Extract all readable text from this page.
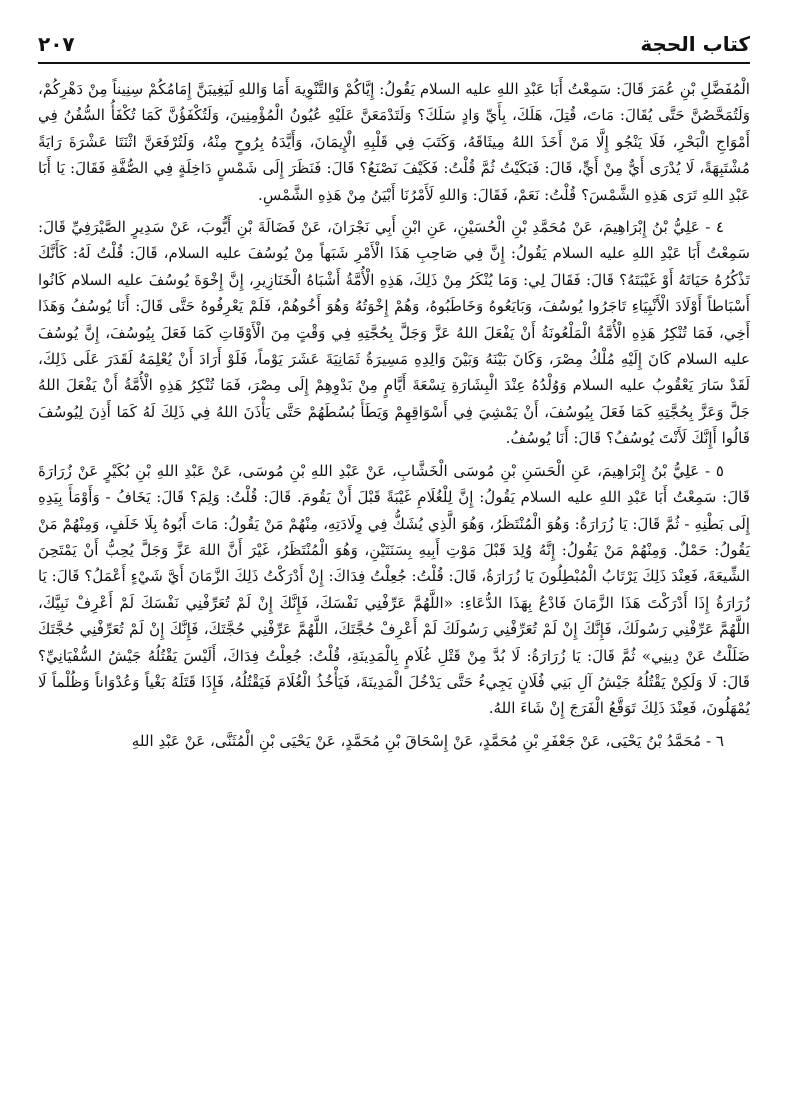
كتاب الحجة
٢٠٧

الْمُفَضَّلِ بْنِ عُمَرَ قَالَ: سَمِعْتُ أَبَا عَبْدِ اللهِ عليه السلام يَقُولُ: إِيَّاكُمْ وَالتَّنْوِيهَ أَمَا وَاللهِ لَيَغِيبَنَّ إِمَامُكُمْ سِنِيناً مِنْ دَهْرِكُمْ، وَلَتُمَحَّصُنَّ حَتَّى يُقَالَ: مَاتَ، قُتِلَ، هَلَكَ، بِأَيِّ وَادٍ سَلَكَ؟ وَلَتَدْمَعَنَّ عَلَيْهِ عُيُونُ الْمُؤْمِنِينَ، وَلَتُكْفَؤُنَّ كَمَا تُكْفَأُ السُّفُنُ فِي أَمْوَاجِ الْبَحْرِ، فَلَا يَنْجُو إِلَّا مَنْ أَخَذَ اللهُ مِيثَاقَهُ، وَكَتَبَ فِي قَلْبِهِ الْإِيمَانَ، وَأَيَّدَهُ بِرُوحٍ مِنْهُ، وَلَتُرْفَعَنَّ اثْنَتَا عَشْرَةَ رَايَةً مُشْتَبِهَةً، لَا يُدْرَى أَيٌّ مِنْ أَيٍّ، قَالَ: فَبَكَيْتُ ثُمَّ قُلْتُ: فَكَيْفَ نَصْنَعُ؟ قَالَ: فَنَظَرَ إِلَى شَمْسٍ دَاخِلَةٍ فِي الصُّفَّةِ فَقَالَ: يَا أَبَا عَبْدِ اللهِ تَرَى هَذِهِ الشَّمْسَ؟ قُلْتُ: نَعَمْ، فَقَالَ: وَاللهِ لَأَمْرُنَا أَبْيَنُ مِنْ هَذِهِ الشَّمْسِ.

٤ - عَلِيُّ بْنُ إِبْرَاهِيمَ، عَنْ مُحَمَّدِ بْنِ الْحُسَيْنِ، عَنِ ابْنِ أَبِي نَجْرَانَ، عَنْ فَضَالَةَ بْنِ أَيُّوبَ، عَنْ سَدِيرٍ الصَّيْرَفِيِّ قَالَ: سَمِعْتُ أَبَا عَبْدِ اللهِ عليه السلام يَقُولُ: إِنَّ فِي صَاحِبِ هَذَا الْأَمْرِ شَبَهاً مِنْ يُوسُفَ عليه السلام، قَالَ: قُلْتُ لَهُ: كَأَنَّكَ تَذْكُرُهُ حَيَاتَهُ أَوْ غَيْبَتَهُ؟ قَالَ: فَقَالَ لِي: وَمَا يُنْكَرُ مِنْ ذَلِكَ، هَذِهِ الْأُمَّةُ أَشْبَاهُ الْخَنَازِيرِ، إِنَّ إِخْوَةَ يُوسُفَ عليه السلام كَانُوا أَسْبَاطاً أَوْلَادَ الْأَنْبِيَاءِ تَاجَرُوا يُوسُفَ، وَبَايَعُوهُ وَخَاطَبُوهُ، وَهُمْ إِخْوَتُهُ وَهُوَ أَخُوهُمْ، فَلَمْ يَعْرِفُوهُ حَتَّى قَالَ: أَنَا يُوسُفُ وَهَذَا أَخِي، فَمَا تُنْكِرُ هَذِهِ الْأُمَّةُ الْمَلْعُونَةُ أَنْ يَفْعَلَ اللهُ عَزَّ وَجَلَّ بِحُجَّتِهِ فِي وَقْتٍ مِنَ الْأَوْقَاتِ كَمَا فَعَلَ بِيُوسُفَ، إِنَّ يُوسُفَ عليه السلام كَانَ إِلَيْهِ مُلْكُ مِصْرَ، وَكَانَ بَيْنَهُ وَبَيْنَ وَالِدِهِ مَسِيرَةُ ثَمَانِيَةَ عَشَرَ يَوْماً، فَلَوْ أَرَادَ أَنْ يُعْلِمَهُ لَقَدَرَ عَلَى ذَلِكَ، لَقَدْ سَارَ يَعْقُوبُ عليه السلام وَوُلْدُهُ عِنْدَ الْبِشَارَةِ تِسْعَةَ أَيَّامٍ مِنْ بَدْوِهِمْ إِلَى مِصْرَ، فَمَا تُنْكِرُ هَذِهِ الْأُمَّةُ أَنْ يَفْعَلَ اللهُ جَلَّ وَعَزَّ بِحُجَّتِهِ كَمَا فَعَلَ بِيُوسُفَ، أَنْ يَمْشِيَ فِي أَسْوَاقِهِمْ وَيَطَأَ بُسُطَهُمْ حَتَّى يَأْذَنَ اللهُ فِي ذَلِكَ لَهُ كَمَا أَذِنَ لِيُوسُفَ قَالُوا أَإِنَّكَ لَأَنْتَ يُوسُفُ؟ قَالَ: أَنَا يُوسُفُ.

٥ - عَلِيُّ بْنُ إِبْرَاهِيمَ، عَنِ الْحَسَنِ بْنِ مُوسَى الْخَشَّابِ، عَنْ عَبْدِ اللهِ بْنِ مُوسَى، عَنْ عَبْدِ اللهِ بْنِ بُكَيْرٍ عَنْ زُرَارَةَ قَالَ: سَمِعْتُ أَبَا عَبْدِ اللهِ عليه السلام يَقُولُ: إِنَّ لِلْغُلَامِ غَيْبَةً قَبْلَ أَنْ يَقُومَ. قَالَ: قُلْتُ: وَلِمَ؟ قَالَ: يَخَافُ - وَأَوْمَأَ بِيَدِهِ إِلَى بَطْنِهِ - ثُمَّ قَالَ: يَا زُرَارَةُ: وَهُوَ الْمُنْتَظَرُ، وَهُوَ الَّذِي يُشَكُّ فِي وِلَادَتِهِ، مِنْهُمْ مَنْ يَقُولُ: مَاتَ أَبُوهُ بِلَا خَلَفٍ، وَمِنْهُمْ مَنْ يَقُولُ: حَمْلٌ. وَمِنْهُمْ مَنْ يَقُولُ: إِنَّهُ وُلِدَ قَبْلَ مَوْتِ أَبِيهِ بِسَنَتَيْنِ، وَهُوَ الْمُنْتَظَرُ، غَيْرَ أَنَّ اللهَ عَزَّ وَجَلَّ يُحِبُّ أَنْ يَمْتَحِنَ الشِّيعَةَ، فَعِنْدَ ذَلِكَ يَرْتَابُ الْمُبْطِلُونَ يَا زُرَارَةُ، قَالَ: قُلْتُ: جُعِلْتُ فِدَاكَ: إِنْ أَدْرَكْتُ ذَلِكَ الزَّمَانَ أَيَّ شَيْءٍ أَعْمَلُ؟ قَالَ: يَا زُرَارَةُ إِذَا أَدْرَكْتَ هَذَا الزَّمَانَ فَادْعُ بِهَذَا الدُّعَاءِ: «اللَّهُمَّ عَرِّفْنِي نَفْسَكَ، فَإِنَّكَ إِنْ لَمْ تُعَرِّفْنِي نَفْسَكَ لَمْ أَعْرِفْ نَبِيَّكَ، اللَّهُمَّ عَرِّفْنِي رَسُولَكَ، فَإِنَّكَ إِنْ لَمْ تُعَرِّفْنِي رَسُولَكَ لَمْ أَعْرِفْ حُجَّتَكَ، اللَّهُمَّ عَرِّفْنِي حُجَّتَكَ، فَإِنَّكَ إِنْ لَمْ تُعَرِّفْنِي حُجَّتَكَ ضَلَلْتُ عَنْ دِينِي» ثُمَّ قَالَ: يَا زُرَارَةُ: لَا بُدَّ مِنْ قَتْلِ غُلَامٍ بِالْمَدِينَةِ، قُلْتُ: جُعِلْتُ فِدَاكَ، أَلَيْسَ يَقْتُلُهُ جَيْشُ السُّفْيَانِيِّ؟ قَالَ: لَا وَلَكِنْ يَقْتُلُهُ جَيْشُ آلِ بَنِي فُلَانٍ يَجِيءُ حَتَّى يَدْخُلَ الْمَدِينَةَ، فَيَأْخُذُ الْغُلَامَ فَيَقْتُلُهُ، فَإِذَا قَتَلَهُ بَغْياً وَعُدْوَاناً وَظُلْماً لَا يُمْهَلُونَ، فَعِنْدَ ذَلِكَ تَوَقَّعُ الْفَرَجَ إِنْ شَاءَ اللهُ.

٦ - مُحَمَّدُ بْنُ يَحْيَى، عَنْ جَعْفَرِ بْنِ مُحَمَّدٍ، عَنْ إِسْحَاقَ بْنِ مُحَمَّدٍ، عَنْ يَحْيَى بْنِ الْمُثَنَّى، عَنْ عَبْدِ اللهِ
